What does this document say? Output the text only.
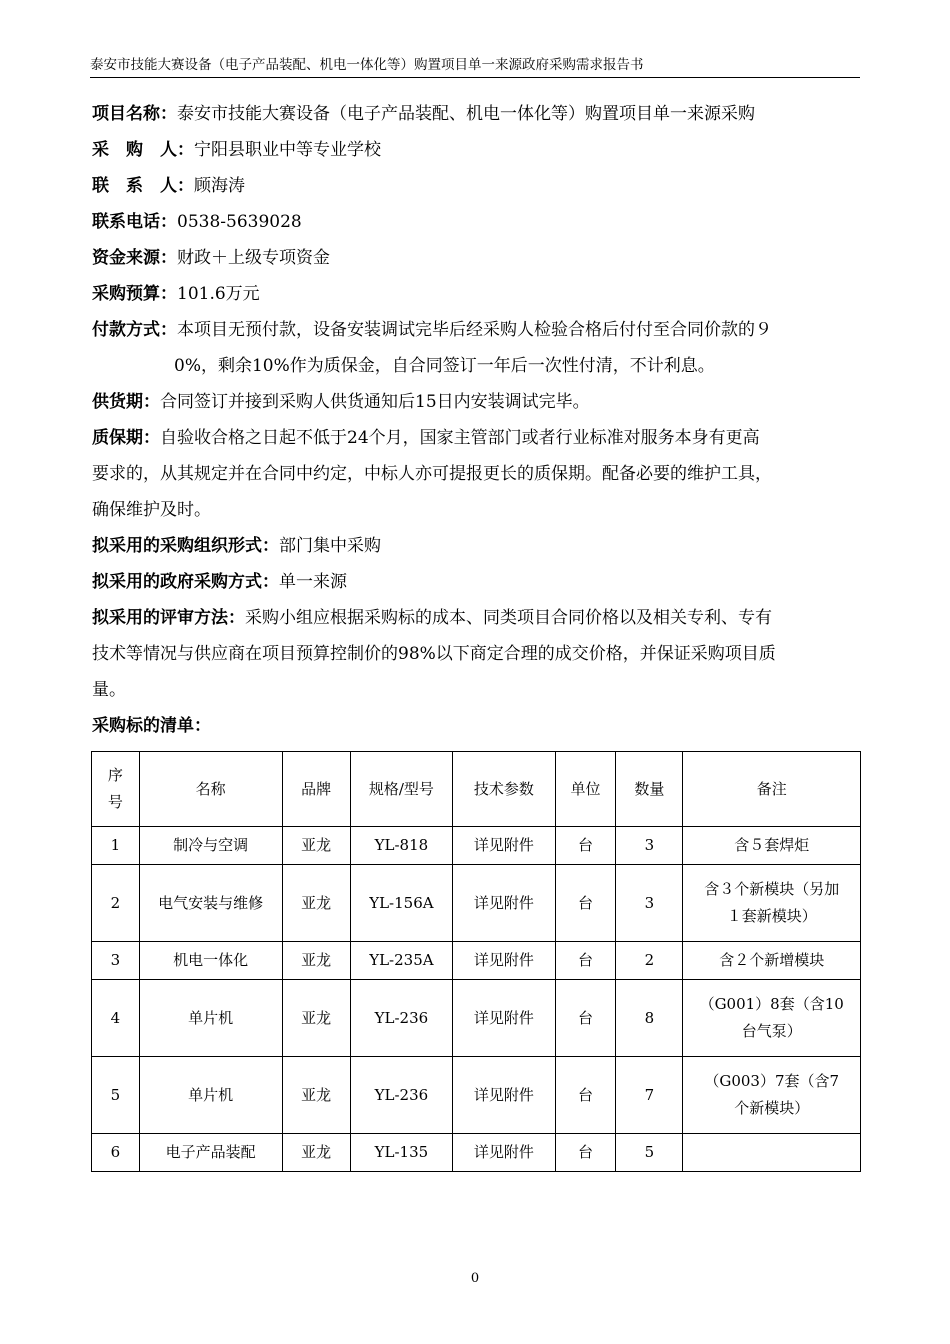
泰安市技能大赛设备（电子产品装配、机电一体化等）购置项目单一来源政府采购需求报告书
项目名称：泰安市技能大赛设备（电子产品装配、机电一体化等）购置项目单一来源采购
采　购　人：宁阳县职业中等专业学校
联　系　人：顾海涛
联系电话：0538-5639028
资金来源：财政＋上级专项资金
采购预算：101.6万元
付款方式：本项目无预付款，设备安装调试完毕后经采购人检验合格后付付至合同价款的９
0%，剩余10%作为质保金，自合同签订一年后一次性付清，不计利息。
供货期：合同签订并接到采购人供货通知后15日内安装调试完毕。
质保期：自验收合格之日起不低于24个月，国家主管部门或者行业标准对服务本身有更高
要求的，从其规定并在合同中约定，中标人亦可提报更长的质保期。配备必要的维护工具，
确保维护及时。
拟采用的采购组织形式：部门集中采购
拟采用的政府采购方式：单一来源
拟采用的评审方法：采购小组应根据采购标的成本、同类项目合同价格以及相关专利、专有
技术等情况与供应商在项目预算控制价的98%以下商定合理的成交价格，并保证采购项目质
量。
采购标的清单：
序
号	名称	品牌	规格/型号	技术参数	单位	数量	备注
1	制冷与空调	亚龙	YL-818	详见附件	台	3	含５套焊炬

2	电气安装与维修	亚龙	YL-156A	详见附件	台	3	含３个新模块（另加
１套新模块）

3	机电一体化	亚龙	YL-235A	详见附件	台	2	含２个新增模块

4	单片机	亚龙	YL-236	详见附件	台	8	（G001）8套（含10
台气泵）

5	单片机	亚龙	YL-236	详见附件	台	7	（G003）7套（含7
个新模块）

6	电子产品装配	亚龙	YL-135	详见附件	台	5	
0
